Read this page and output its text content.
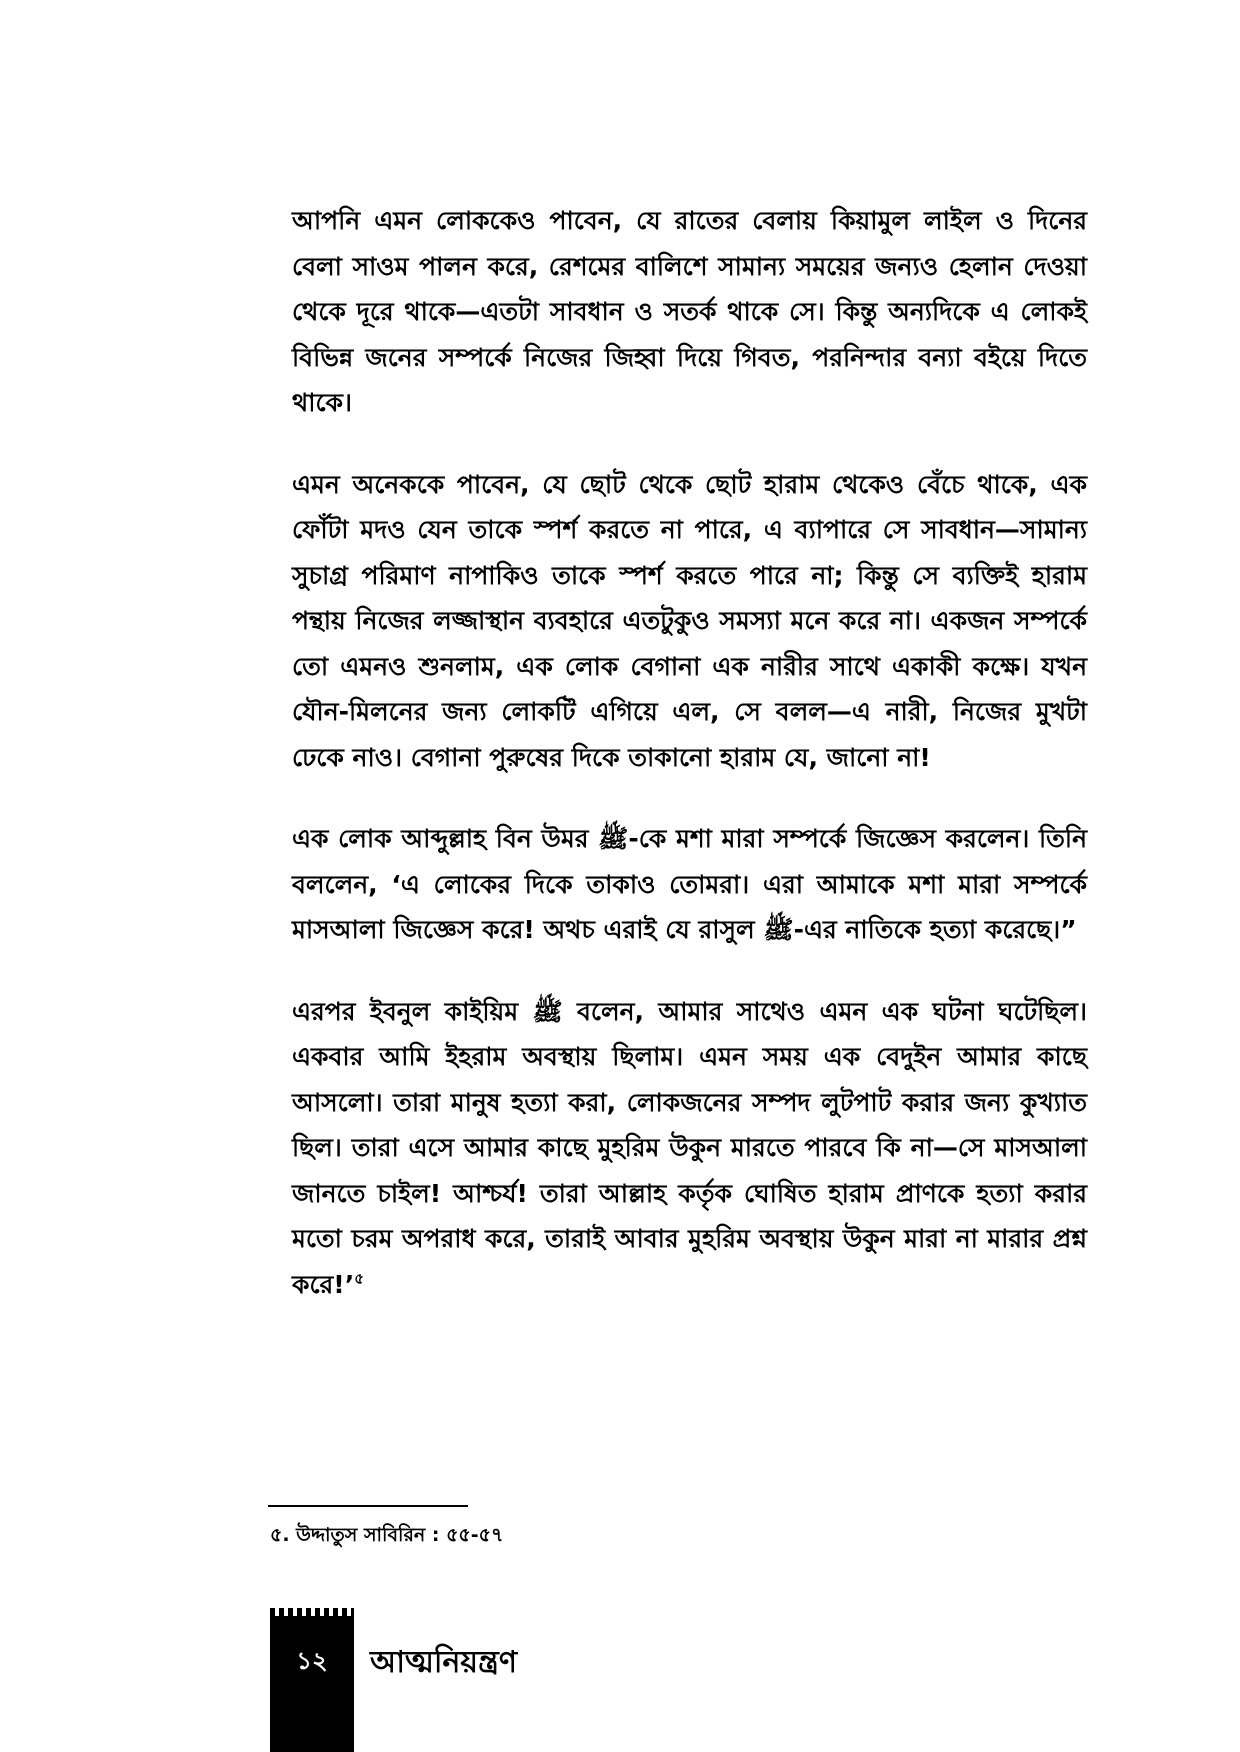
আপনি এমন লোককেও পাবেন, যে রাতের বেলায় কিয়ামুল লাইল ও দিনের বেলা সাওম পালন করে, রেশমের বালিশে সামান্য সময়ের জন্যও হেলান দেওয়া থেকে দূরে থাকে—এতটা সাবধান ও সতর্ক থাকে সে। কিন্তু অন্যদিকে এ লোকই বিভিন্ন জনের সম্পর্কে নিজের জিহ্বা দিয়ে গিবত, পরনিন্দার বন্যা বইয়ে দিতে থাকে।

এমন অনেককে পাবেন, যে ছোট থেকে ছোট হারাম থেকেও বেঁচে থাকে, এক ফোঁটা মদও যেন তাকে স্পর্শ করতে না পারে, এ ব্যাপারে সে সাবধান—সামান্য সুচাগ্র পরিমাণ নাপাকিও তাকে স্পর্শ করতে পারে না; কিন্তু সে ব্যক্তিই হারাম পন্থায় নিজের লজ্জাস্থান ব্যবহারে এতটুকুও সমস্যা মনে করে না। একজন সম্পর্কে তো এমনও শুনলাম, এক লোক বেগানা এক নারীর সাথে একাকী কক্ষে। যখন যৌন-মিলনের জন্য লোকটি এগিয়ে এল, সে বলল—এ নারী, নিজের মুখটা ঢেকে নাও। বেগানা পুরুষের দিকে তাকানো হারাম যে, জানো না!

এক লোক আব্দুল্লাহ বিন উমর ﷺ-কে মশা মারা সম্পর্কে জিজ্ঞেস করলেন। তিনি বললেন, ‘এ লোকের দিকে তাকাও তোমরা। এরা আমাকে মশা মারা সম্পর্কে মাসআলা জিজ্ঞেস করে! অথচ এরাই যে রাসুল ﷺ-এর নাতিকে হত্যা করেছে।”

এরপর ইবনুল কাইয়িম ﷺ বলেন, আমার সাথেও এমন এক ঘটনা ঘটেছিল। একবার আমি ইহরাম অবস্থায় ছিলাম। এমন সময় এক বেদুইন আমার কাছে আসলো। তারা মানুষ হত্যা করা, লোকজনের সম্পদ লুটপাট করার জন্য কুখ্যাত ছিল। তারা এসে আমার কাছে মুহরিম উকুন মারতে পারবে কি না—সে মাসআলা জানতে চাইল! আশ্চর্য! তারা আল্লাহ কর্তৃক ঘোষিত হারাম প্রাণকে হত্যা করার মতো চরম অপরাধ করে, তারাই আবার মুহরিম অবস্থায় উকুন মারা না মারার প্রশ্ন করে!’$^৫$

৫. উদ্দাতুস সাবিরিন : ৫৫-৫৭
১২	আত্মনিয়ন্ত্রণ
